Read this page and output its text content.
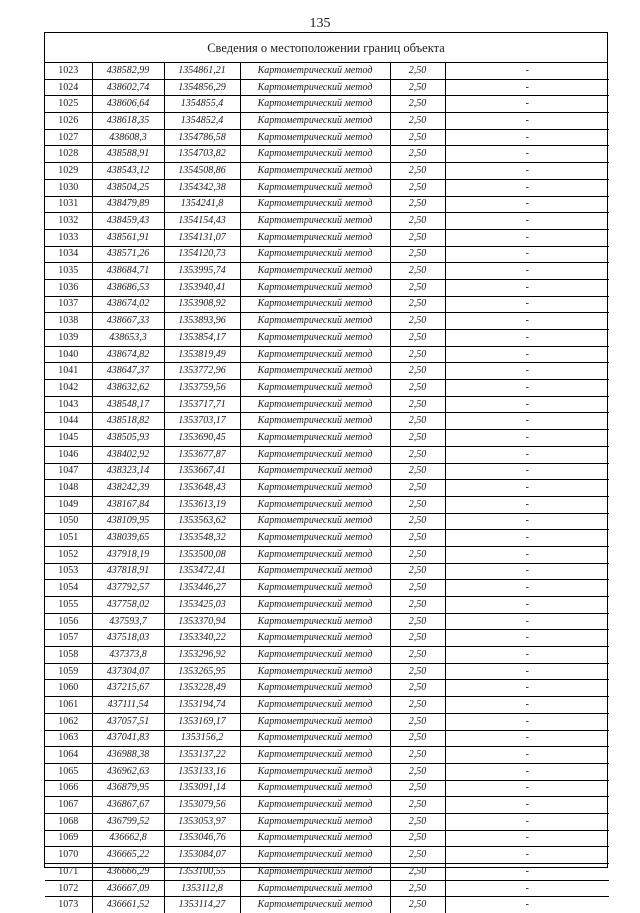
135
Сведения о местоположении границ объекта
1023	438582,99	1354861,21	Картометрический метод	2,50	-
1024	438602,74	1354856,29	Картометрический метод	2,50	-
1025	438606,64	1354855,4	Картометрический метод	2,50	-
1026	438618,35	1354852,4	Картометрический метод	2,50	-
1027	438608,3	1354786,58	Картометрический метод	2,50	-
1028	438588,91	1354703,82	Картометрический метод	2,50	-
1029	438543,12	1354508,86	Картометрический метод	2,50	-
1030	438504,25	1354342,38	Картометрический метод	2,50	-
1031	438479,89	1354241,8	Картометрический метод	2,50	-
1032	438459,43	1354154,43	Картометрический метод	2,50	-
1033	438561,91	1354131,07	Картометрический метод	2,50	-
1034	438571,26	1354120,73	Картометрический метод	2,50	-
1035	438684,71	1353995,74	Картометрический метод	2,50	-
1036	438686,53	1353940,41	Картометрический метод	2,50	-
1037	438674,02	1353908,92	Картометрический метод	2,50	-
1038	438667,33	1353893,96	Картометрический метод	2,50	-
1039	438653,3	1353854,17	Картометрический метод	2,50	-
1040	438674,82	1353819,49	Картометрический метод	2,50	-
1041	438647,37	1353772,96	Картометрический метод	2,50	-
1042	438632,62	1353759,56	Картометрический метод	2,50	-
1043	438548,17	1353717,71	Картометрический метод	2,50	-
1044	438518,82	1353703,17	Картометрический метод	2,50	-
1045	438505,93	1353690,45	Картометрический метод	2,50	-
1046	438402,92	1353677,87	Картометрический метод	2,50	-
1047	438323,14	1353667,41	Картометрический метод	2,50	-
1048	438242,39	1353648,43	Картометрический метод	2,50	-
1049	438167,84	1353613,19	Картометрический метод	2,50	-
1050	438109,95	1353563,62	Картометрический метод	2,50	-
1051	438039,65	1353548,32	Картометрический метод	2,50	-
1052	437918,19	1353500,08	Картометрический метод	2,50	-
1053	437818,91	1353472,41	Картометрический метод	2,50	-
1054	437792,57	1353446,27	Картометрический метод	2,50	-
1055	437758,02	1353425,03	Картометрический метод	2,50	-
1056	437593,7	1353370,94	Картометрический метод	2,50	-
1057	437518,03	1353340,22	Картометрический метод	2,50	-
1058	437373,8	1353296,92	Картометрический метод	2,50	-
1059	437304,07	1353265,95	Картометрический метод	2,50	-
1060	437215,67	1353228,49	Картометрический метод	2,50	-
1061	437111,54	1353194,74	Картометрический метод	2,50	-
1062	437057,51	1353169,17	Картометрический метод	2,50	-
1063	437041,83	1353156,2	Картометрический метод	2,50	-
1064	436988,38	1353137,22	Картометрический метод	2,50	-
1065	436962,63	1353133,16	Картометрический метод	2,50	-
1066	436879,95	1353091,14	Картометрический метод	2,50	-
1067	436867,67	1353079,56	Картометрический метод	2,50	-
1068	436799,52	1353053,97	Картометрический метод	2,50	-
1069	436662,8	1353046,76	Картометрический метод	2,50	-
1070	436665,22	1353084,07	Картометрический метод	2,50	-
1071	436666,29	1353100,55	Картометрический метод	2,50	-
1072	436667,09	1353112,8	Картометрический метод	2,50	-
1073	436661,52	1353114,27	Картометрический метод	2,50	-
